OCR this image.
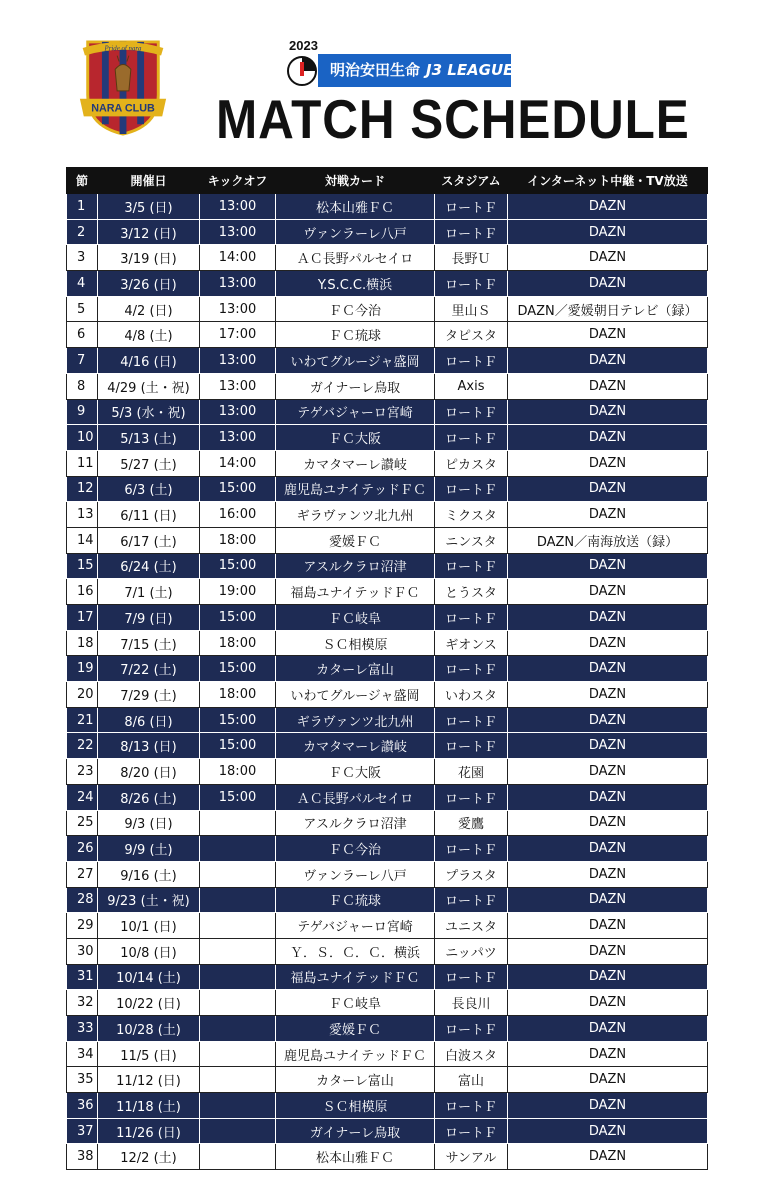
NARA CLUB
Pride of nara	2023
明治安田生命 J3 LEAGUE
MATCH SCHEDULE
節	開催日	キックオフ	対戦カード	スタジアム	インターネット中継・TV放送
1	3/5 (日)	13:00	松本山雅ＦＣ	ロートＦ	DAZN
2	3/12 (日)	13:00	ヴァンラーレ八戸	ロートＦ	DAZN
3	3/19 (日)	14:00	ＡＣ長野パルセイロ	長野Ｕ	DAZN
4	3/26 (日)	13:00	Y.S.C.C.横浜	ロートＦ	DAZN
5	4/2 (日)	13:00	ＦＣ今治	里山Ｓ	DAZN／愛媛朝日テレビ（録）
6	4/8 (土)	17:00	ＦＣ琉球	タピスタ	DAZN
7	4/16 (日)	13:00	いわてグルージャ盛岡	ロートＦ	DAZN
8	4/29 (土・祝)	13:00	ガイナーレ鳥取	Axis	DAZN
9	5/3 (水・祝)	13:00	テゲバジャーロ宮崎	ロートＦ	DAZN
10	5/13 (土)	13:00	ＦＣ大阪	ロートＦ	DAZN
11	5/27 (土)	14:00	カマタマーレ讃岐	ピカスタ	DAZN
12	6/3 (土)	15:00	鹿児島ユナイテッドＦＣ	ロートＦ	DAZN
13	6/11 (日)	16:00	ギラヴァンツ北九州	ミクスタ	DAZN
14	6/17 (土)	18:00	愛媛ＦＣ	ニンスタ	DAZN／南海放送（録）
15	6/24 (土)	15:00	アスルクラロ沼津	ロートＦ	DAZN
16	7/1 (土)	19:00	福島ユナイテッドＦＣ	とうスタ	DAZN
17	7/9 (日)	15:00	ＦＣ岐阜	ロートＦ	DAZN
18	7/15 (土)	18:00	ＳＣ相模原	ギオンス	DAZN
19	7/22 (土)	15:00	カターレ富山	ロートＦ	DAZN
20	7/29 (土)	18:00	いわてグルージャ盛岡	いわスタ	DAZN
21	8/6 (日)	15:00	ギラヴァンツ北九州	ロートＦ	DAZN
22	8/13 (日)	15:00	カマタマーレ讃岐	ロートＦ	DAZN
23	8/20 (日)	18:00	ＦＣ大阪	花園	DAZN
24	8/26 (土)	15:00	ＡＣ長野パルセイロ	ロートＦ	DAZN
25	9/3 (日)		アスルクラロ沼津	愛鷹	DAZN
26	9/9 (土)		ＦＣ今治	ロートＦ	DAZN
27	9/16 (土)		ヴァンラーレ八戸	プラスタ	DAZN
28	9/23 (土・祝)		ＦＣ琉球	ロートＦ	DAZN
29	10/1 (日)		テゲバジャーロ宮崎	ユニスタ	DAZN
30	10/8 (日)		Ｙ．Ｓ．Ｃ．Ｃ．横浜	ニッパツ	DAZN
31	10/14 (土)		福島ユナイテッドＦＣ	ロートＦ	DAZN
32	10/22 (日)		ＦＣ岐阜	長良川	DAZN
33	10/28 (土)		愛媛ＦＣ	ロートＦ	DAZN
34	11/5 (日)		鹿児島ユナイテッドＦＣ	白波スタ	DAZN
35	11/12 (日)		カターレ富山	富山	DAZN
36	11/18 (土)		ＳＣ相模原	ロートＦ	DAZN
37	11/26 (日)		ガイナーレ鳥取	ロートＦ	DAZN
38	12/2 (土)		松本山雅ＦＣ	サンアル	DAZN
